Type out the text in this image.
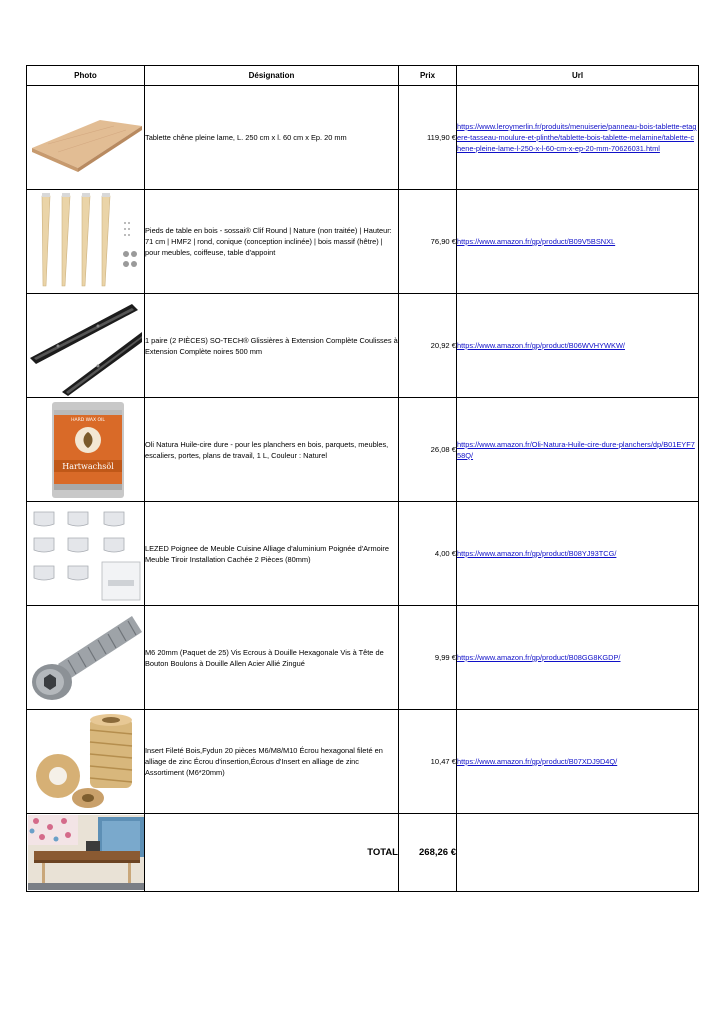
Photo	Désignation	Prix	Url

	Tablette chêne pleine lame, L. 250 cm x l. 60 cm x Ep. 20 mm	119,90 €	https://www.leroymerlin.fr/produits/menuiserie/panneau-bois-tablette-etagere-tasseau-moulure-et-plinthe/tablette-bois-tablette-melamine/tablette-chene-pleine-lame-l-250-x-l-60-cm-x-ep-20-mm-70626031.html

	Pieds de table en bois - sossai® Clif Round | Nature (non traitée) | Hauteur: 71 cm | HMF2 | rond, conique (conception inclinée) | bois massif (hêtre) | pour meubles, coiffeuse, table d'appoint	76,90 €	https://www.amazon.fr/gp/product/B09V5BSNXL

	1 paire (2 PIÈCES) SO-TECH® Glissières à Extension Complète Coulisses à Extension Complète noires 500 mm	20,92 €	https://www.amazon.fr/gp/product/B06WVHYWKW/

HARD WAX OIL
Hartwachsöl	Oli Natura Huile-cire dure - pour les planchers en bois, parquets, meubles, escaliers, portes, plans de travail, 1 L, Couleur : Naturel	26,08 €	https://www.amazon.fr/Oli-Natura-Huile-cire-dure-planchers/dp/B01EYF758Q/

	LEZED Poignee de Meuble Cuisine Alliage d'aluminium Poignée d'Armoire Meuble Tiroir Installation Cachée 2 Pièces (80mm)	4,00 €	https://www.amazon.fr/gp/product/B08YJ93TCG/

	M6 20mm (Paquet de 25) Vis Ecrous à Douille Hexagonale Vis à Tête de Bouton Boulons à Douille Allen Acier Allié Zingué	9,99 €	https://www.amazon.fr/gp/product/B08GG8KGDP/

	Insert Fileté Bois,Fydun 20 pièces M6/M8/M10 Écrou hexagonal fileté en alliage de zinc Écrou d'insertion,Écrous d'Insert en alliage de zinc Assortiment (M6*20mm)	10,47 €	https://www.amazon.fr/gp/product/B07XDJ9D4Q/

	TOTAL	268,26 €	
